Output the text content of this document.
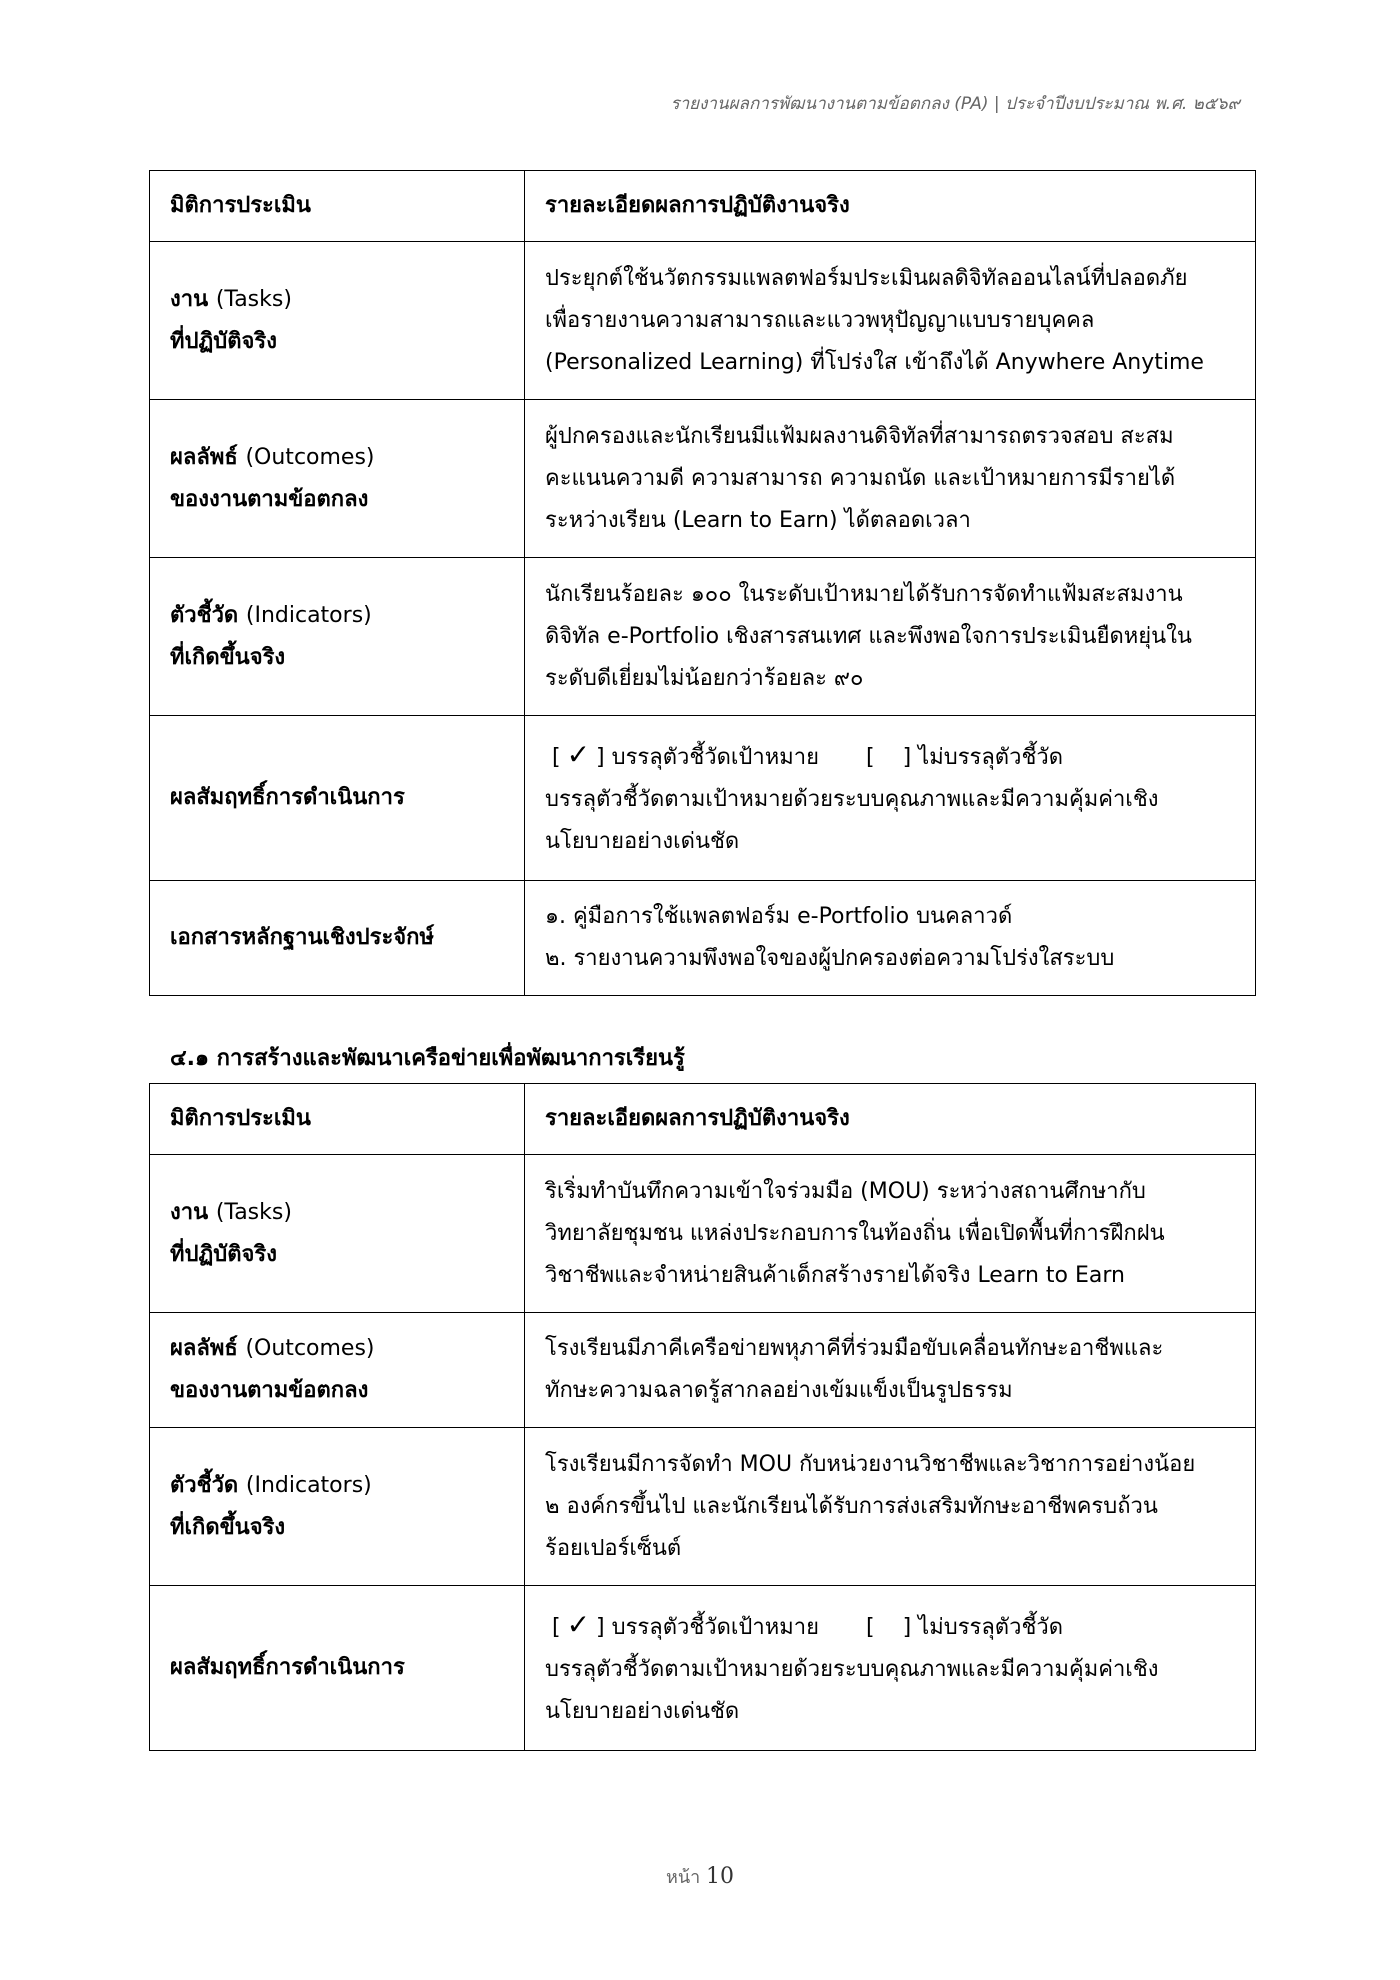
รายงานผลการพัฒนางานตามข้อตกลง (PA) | ประจำปีงบประมาณ พ.ศ. ๒๕๖๙
มิติการประเมิน	รายละเอียดผลการปฏิบัติงานจริง

งาน (Tasks)
ที่ปฏิบัติจริง	ประยุกต์ใช้นวัตกรรมแพลตฟอร์มประเมินผลดิจิทัลออนไลน์ที่ปลอดภัย
เพื่อรายงานความสามารถและแววพหุปัญญาแบบรายบุคคล
(Personalized Learning) ที่โปร่งใส เข้าถึงได้ Anywhere Anytime

ผลลัพธ์ (Outcomes)
ของงานตามข้อตกลง	ผู้ปกครองและนักเรียนมีแฟ้มผลงานดิจิทัลที่สามารถตรวจสอบ สะสม
คะแนนความดี ความสามารถ ความถนัด และเป้าหมายการมีรายได้
ระหว่างเรียน (Learn to Earn) ได้ตลอดเวลา

ตัวชี้วัด (Indicators)
ที่เกิดขึ้นจริง	นักเรียนร้อยละ ๑๐๐ ในระดับเป้าหมายได้รับการจัดทำแฟ้มสะสมงาน
ดิจิทัล e-Portfolio เชิงสารสนเทศ และพึงพอใจการประเมินยืดหยุ่นใน
ระดับดีเยี่ยมไม่น้อยกว่าร้อยละ ๙๐

ผลสัมฤทธิ์การดำเนินการ	[ ✓ ] บรรลุตัวชี้วัดเป้าหมาย [    ] ไม่บรรลุตัวชี้วัด
บรรลุตัวชี้วัดตามเป้าหมายด้วยระบบคุณภาพและมีความคุ้มค่าเชิง
นโยบายอย่างเด่นชัด

เอกสารหลักฐานเชิงประจักษ์	๑. คู่มือการใช้แพลตฟอร์ม e-Portfolio บนคลาวด์
๒. รายงานความพึงพอใจของผู้ปกครองต่อความโปร่งใสระบบ
๔.๑ การสร้างและพัฒนาเครือข่ายเพื่อพัฒนาการเรียนรู้
มิติการประเมิน	รายละเอียดผลการปฏิบัติงานจริง

งาน (Tasks)
ที่ปฏิบัติจริง	ริเริ่มทำบันทึกความเข้าใจร่วมมือ (MOU) ระหว่างสถานศึกษากับ
วิทยาลัยชุมชน แหล่งประกอบการในท้องถิ่น เพื่อเปิดพื้นที่การฝึกฝน
วิชาชีพและจำหน่ายสินค้าเด็กสร้างรายได้จริง Learn to Earn

ผลลัพธ์ (Outcomes)
ของงานตามข้อตกลง	โรงเรียนมีภาคีเครือข่ายพหุภาคีที่ร่วมมือขับเคลื่อนทักษะอาชีพและ
ทักษะความฉลาดรู้สากลอย่างเข้มแข็งเป็นรูปธรรม

ตัวชี้วัด (Indicators)
ที่เกิดขึ้นจริง	โรงเรียนมีการจัดทำ MOU กับหน่วยงานวิชาชีพและวิชาการอย่างน้อย
๒ องค์กรขึ้นไป และนักเรียนได้รับการส่งเสริมทักษะอาชีพครบถ้วน
ร้อยเปอร์เซ็นต์

ผลสัมฤทธิ์การดำเนินการ	[ ✓ ] บรรลุตัวชี้วัดเป้าหมาย [    ] ไม่บรรลุตัวชี้วัด
บรรลุตัวชี้วัดตามเป้าหมายด้วยระบบคุณภาพและมีความคุ้มค่าเชิง
นโยบายอย่างเด่นชัด
หน้า 10
